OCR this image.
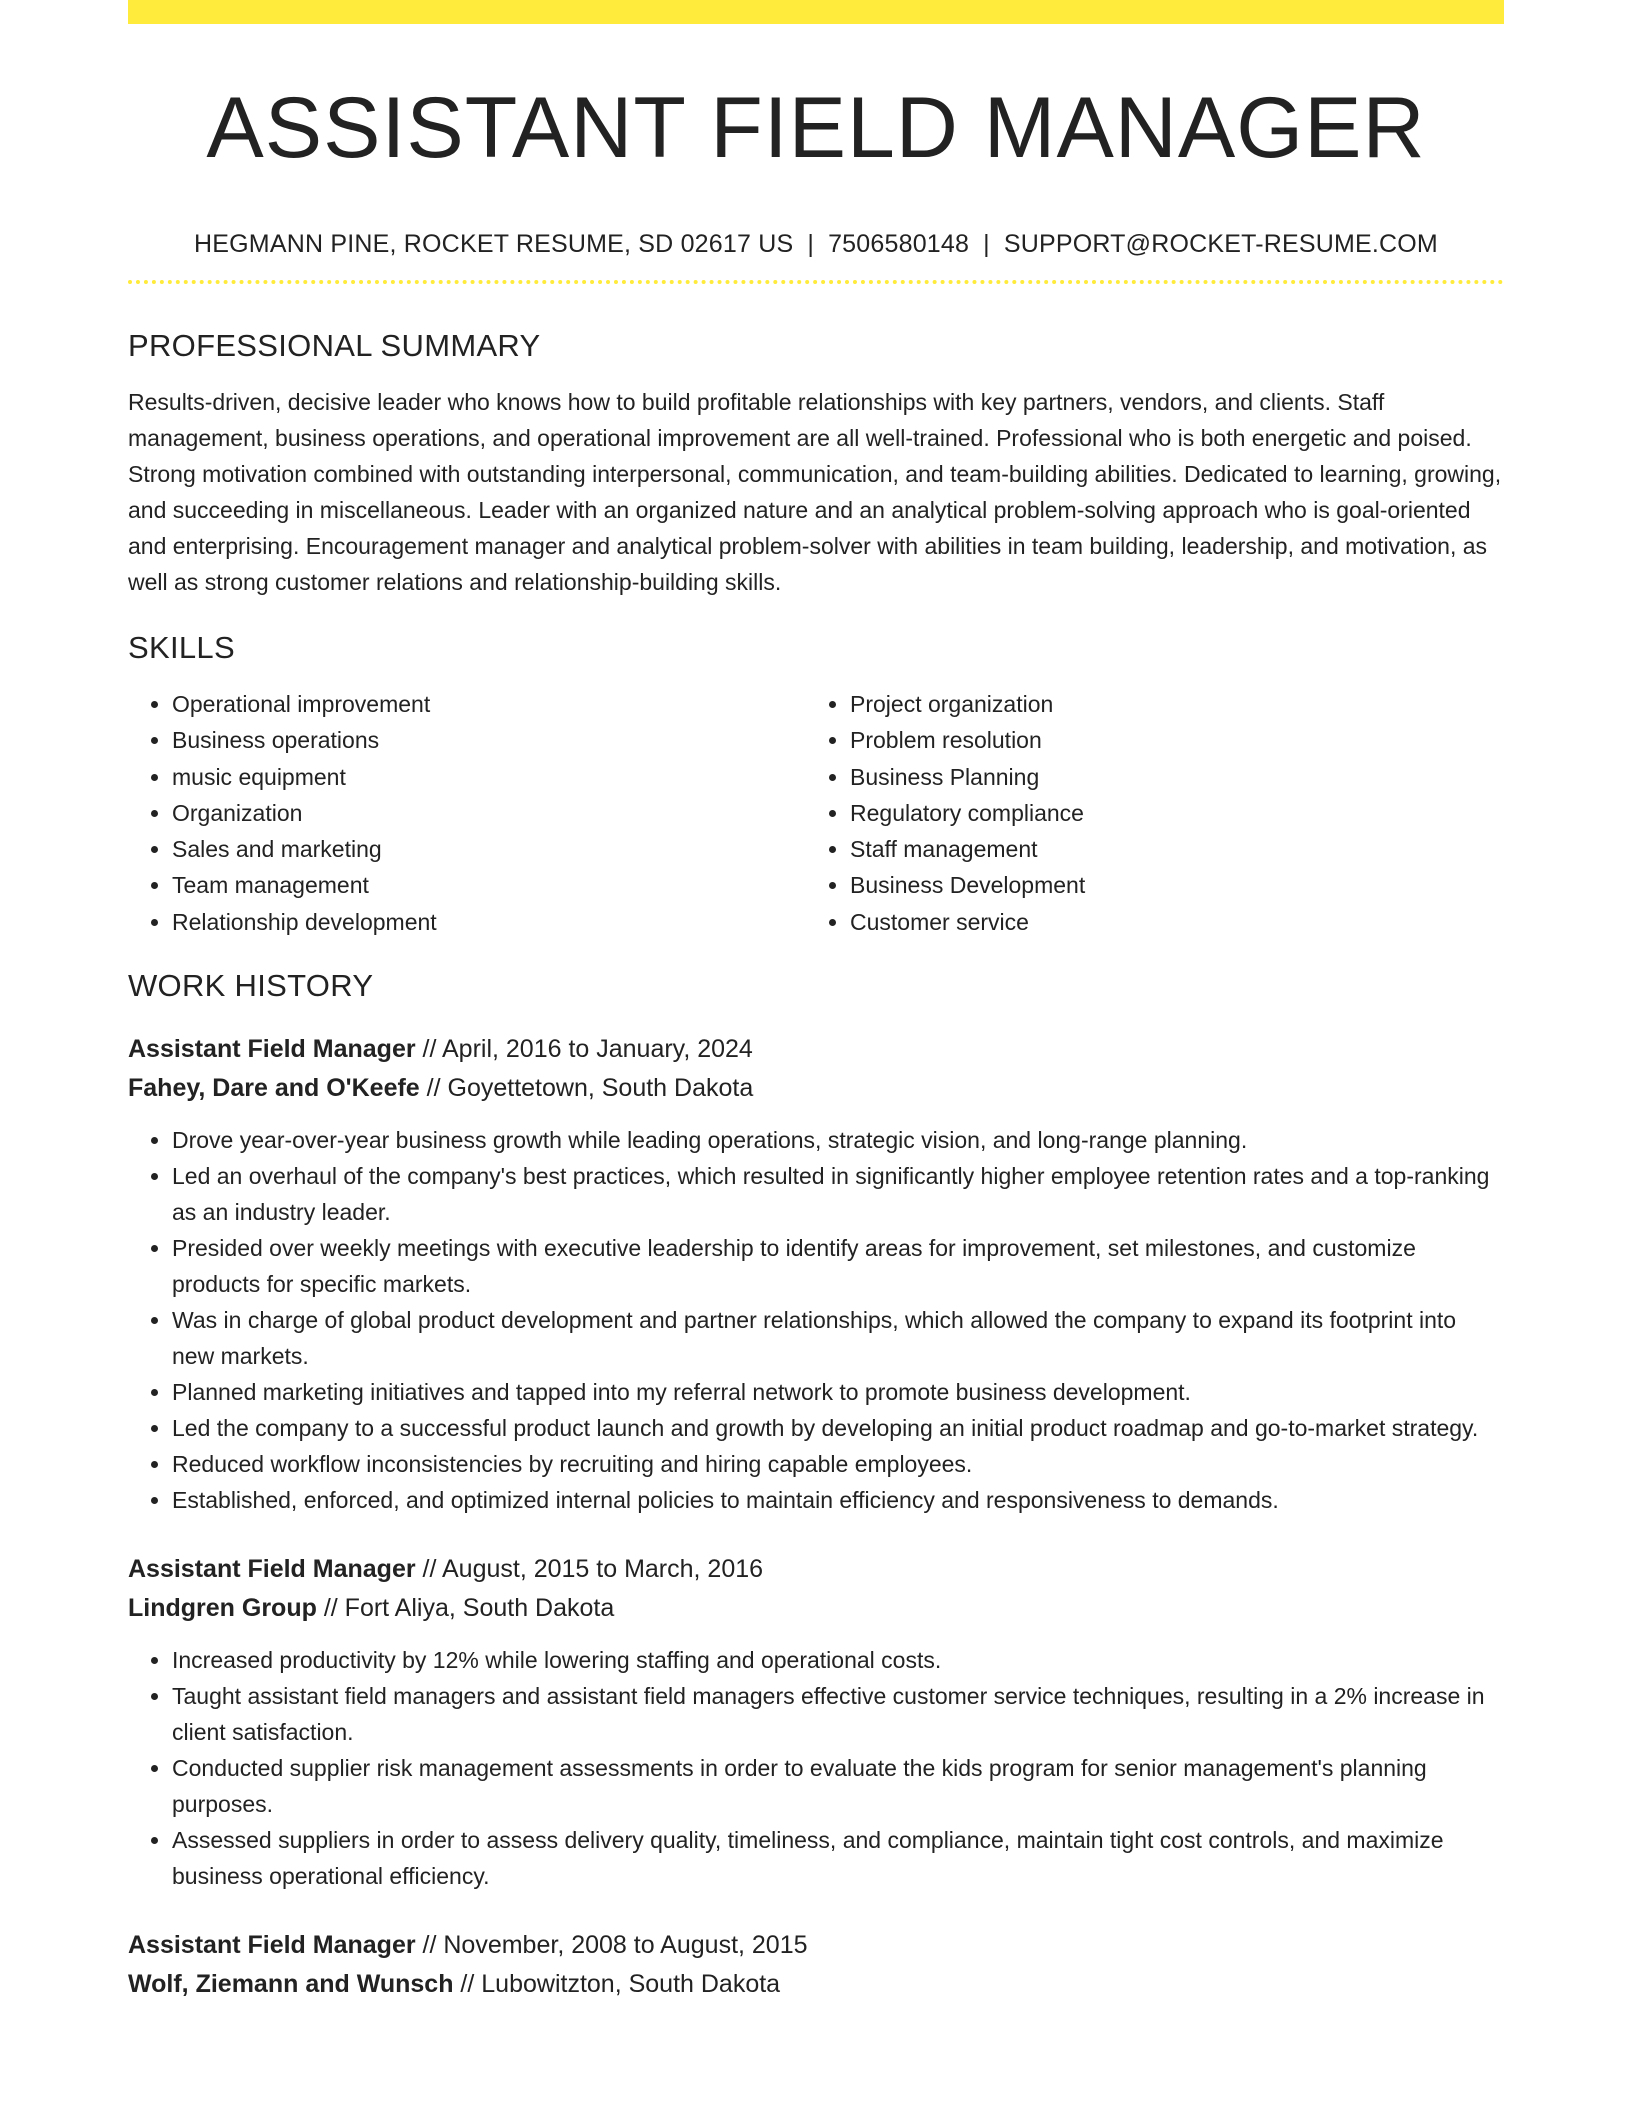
ASSISTANT FIELD MANAGER
HEGMANN PINE, ROCKET RESUME, SD 02617 US | 7506580148 | SUPPORT@ROCKET-RESUME.COM
PROFESSIONAL SUMMARY

Results-driven, decisive leader who knows how to build profitable relationships with key partners, vendors, and clients. Staff management, business operations, and operational improvement are all well-trained. Professional who is both energetic and poised. Strong motivation combined with outstanding interpersonal, communication, and team-building abilities. Dedicated to learning, growing, and succeeding in miscellaneous. Leader with an organized nature and an analytical problem-solving approach who is goal-oriented and enterprising. Encouragement manager and analytical problem-solver with abilities in team building, leadership, and motivation, as well as strong customer relations and relationship-building skills.

SKILLS
• Operational improvement
• Business operations
• music equipment
• Organization
• Sales and marketing
• Team management
• Relationship development
• Project organization
• Problem resolution
• Business Planning
• Regulatory compliance
• Staff management
• Business Development
• Customer service
WORK HISTORY
Assistant Field Manager // April, 2016 to January, 2024
Fahey, Dare and O'Keefe // Goyettetown, South Dakota
• Drove year-over-year business growth while leading operations, strategic vision, and long-range planning.
• Led an overhaul of the company's best practices, which resulted in significantly higher employee retention rates and a top-ranking as an industry leader.
• Presided over weekly meetings with executive leadership to identify areas for improvement, set milestones, and customize products for specific markets.
• Was in charge of global product development and partner relationships, which allowed the company to expand its footprint into new markets.
• Planned marketing initiatives and tapped into my referral network to promote business development.
• Led the company to a successful product launch and growth by developing an initial product roadmap and go-to-market strategy.
• Reduced workflow inconsistencies by recruiting and hiring capable employees.
• Established, enforced, and optimized internal policies to maintain efficiency and responsiveness to demands.
Assistant Field Manager // August, 2015 to March, 2016
Lindgren Group // Fort Aliya, South Dakota
• Increased productivity by 12% while lowering staffing and operational costs.
• Taught assistant field managers and assistant field managers effective customer service techniques, resulting in a 2% increase in client satisfaction.
• Conducted supplier risk management assessments in order to evaluate the kids program for senior management's planning purposes.
• Assessed suppliers in order to assess delivery quality, timeliness, and compliance, maintain tight cost controls, and maximize business operational efficiency.
Assistant Field Manager // November, 2008 to August, 2015
Wolf, Ziemann and Wunsch // Lubowitzton, South Dakota
